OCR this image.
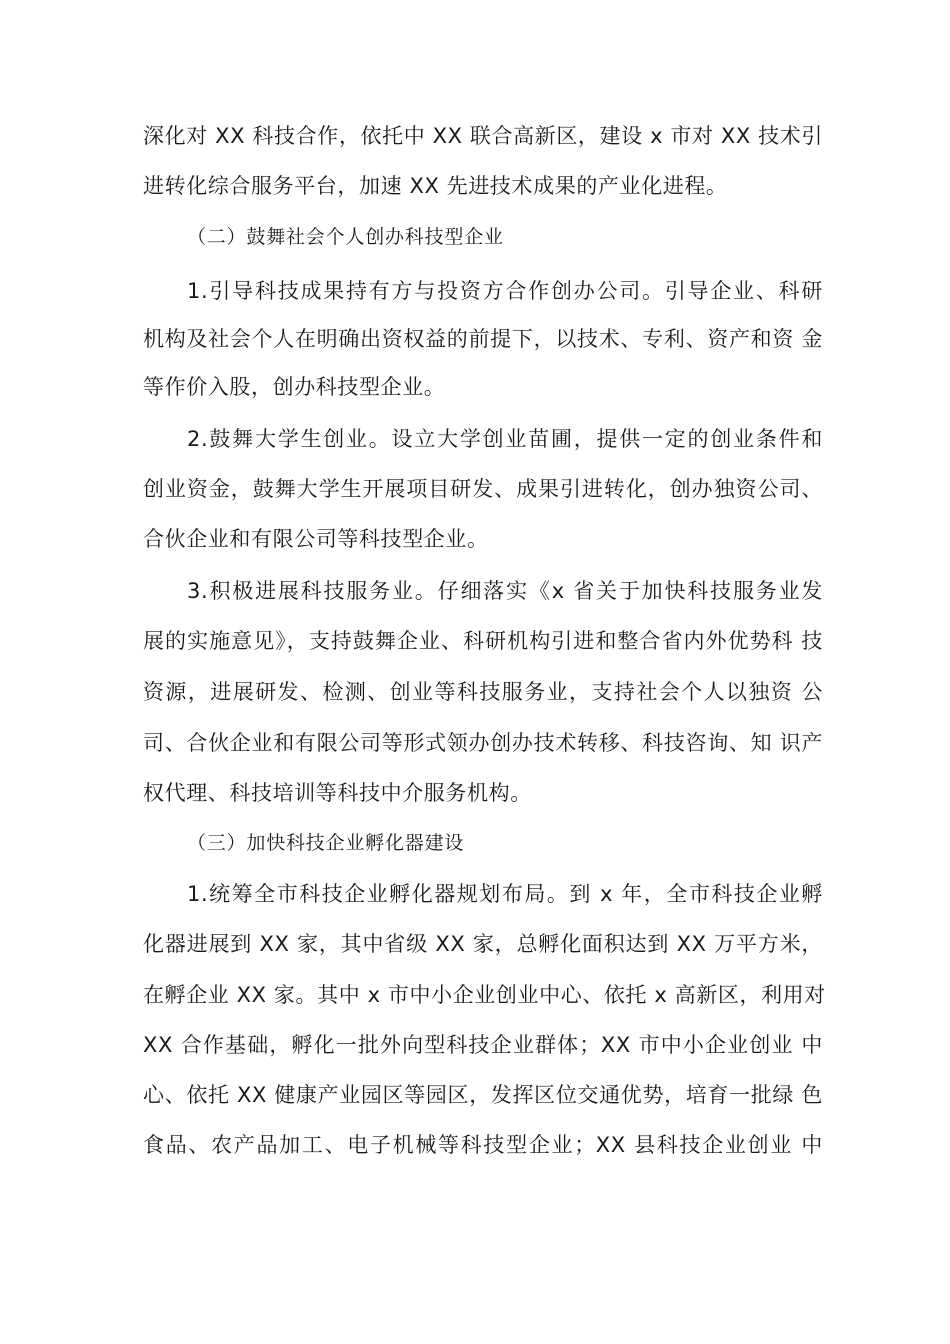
深化对 XX 科技合作，依托中 XX 联合高新区，建设 x 市对 XX 技术引
进转化综合服务平台，加速 XX 先进技术成果的产业化进程。
（二）鼓舞社会个人创办科技型企业
1.引导科技成果持有方与投资方合作创办公司。引导企业、科研
机构及社会个人在明确出资权益的前提下，以技术、专利、资产和资 金
等作价入股，创办科技型企业。
2.鼓舞大学生创业。设立大学创业苗圃，提供一定的创业条件和
创业资金，鼓舞大学生开展项目研发、成果引进转化，创办独资公司、
合伙企业和有限公司等科技型企业。
3.积极进展科技服务业。仔细落实《x 省关于加快科技服务业发
展的实施意见》，支持鼓舞企业、科研机构引进和整合省内外优势科 技
资源，进展研发、检测、创业等科技服务业，支持社会个人以独资 公
司、合伙企业和有限公司等形式领办创办技术转移、科技咨询、知 识产
权代理、科技培训等科技中介服务机构。
（三）加快科技企业孵化器建设
1.统筹全市科技企业孵化器规划布局。到 x 年，全市科技企业孵
化器进展到 XX 家，其中省级 XX 家，总孵化面积达到 XX 万平方米，
在孵企业 XX 家。其中 x 市中小企业创业中心、依托 x 高新区，利用对
XX 合作基础，孵化一批外向型科技企业群体；XX 市中小企业创业 中
心、依托 XX 健康产业园区等园区，发挥区位交通优势，培育一批绿 色
食品、农产品加工、电子机械等科技型企业；XX 县科技企业创业 中
